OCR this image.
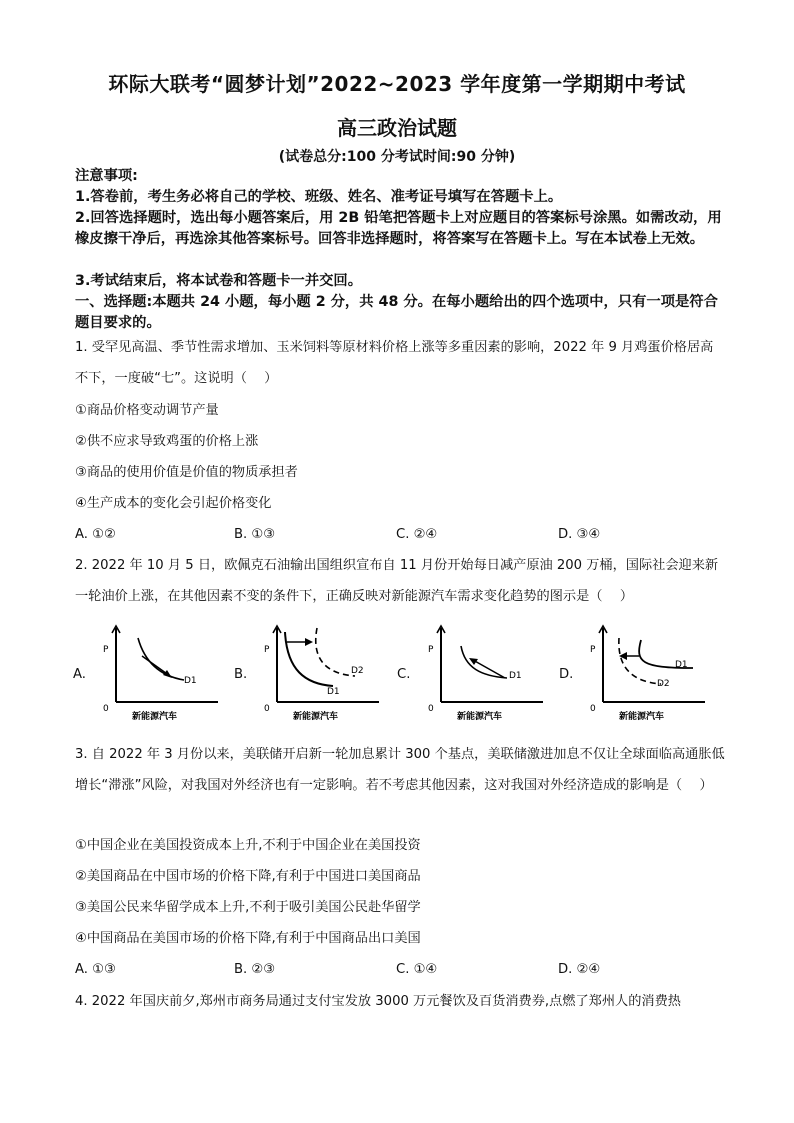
环际大联考“圆梦计划”2022~2023 学年度第一学期期中考试
高三政治试题
(试卷总分:100 分考试时间:90 分钟)
注意事项:
1.答卷前，考生务必将自己的学校、班级、姓名、准考证号填写在答题卡上。
2.回答选择题时，选出每小题答案后，用 2B 铅笔把答题卡上对应题目的答案标号涂黑。如需改动，用橡皮擦干净后，再选涂其他答案标号。回答非选择题时，将答案写在答题卡上。写在本试卷上无效。
3.考试结束后，将本试卷和答题卡一并交回。
一、选择题:本题共 24 小题，每小题 2 分，共 48 分。在每小题给出的四个选项中，只有一项是符合题目要求的。
1. 受罕见高温、季节性需求增加、玉米饲料等原材料价格上涨等多重因素的影响，2022 年 9 月鸡蛋价格居高不下，一度破“七”。这说明（　 ）
①商品价格变动调节产量
②供不应求导致鸡蛋的价格上涨
③商品的使用价值是价值的物质承担者
④生产成本的变化会引起价格变化
A. ①②	B. ①③	C. ②④	D. ③④
2. 2022 年 10 月 5 日，欧佩克石油输出国组织宣布自 11 月份开始每日减产原油 200 万桶，国际社会迎来新一轮油价上涨，在其他因素不变的条件下，正确反映对新能源汽车需求变化趋势的图示是（　 ）
A.	B.	C.	D.
P
0
D1
新能源汽车
P
0
D1
D2
新能源汽车
P
0
D1
新能源汽车
P
0
D1
D2
新能源汽车
3. 自 2022 年 3 月份以来，美联储开启新一轮加息累计 300 个基点，美联储激进加息不仅让全球面临高通胀低增长“滞涨”风险，对我国对外经济也有一定影响。若不考虑其他因素，这对我国对外经济造成的影响是（　 ）
①中国企业在美国投资成本上升,不利于中国企业在美国投资
②美国商品在中国市场的价格下降,有利于中国进口美国商品
③美国公民来华留学成本上升,不利于吸引美国公民赴华留学
④中国商品在美国市场的价格下降,有利于中国商品出口美国
A. ①③	B. ②③	C. ①④	D. ②④
4. 2022 年国庆前夕,郑州市商务局通过支付宝发放 3000 万元餐饮及百货消费券,点燃了郑州人的消费热
